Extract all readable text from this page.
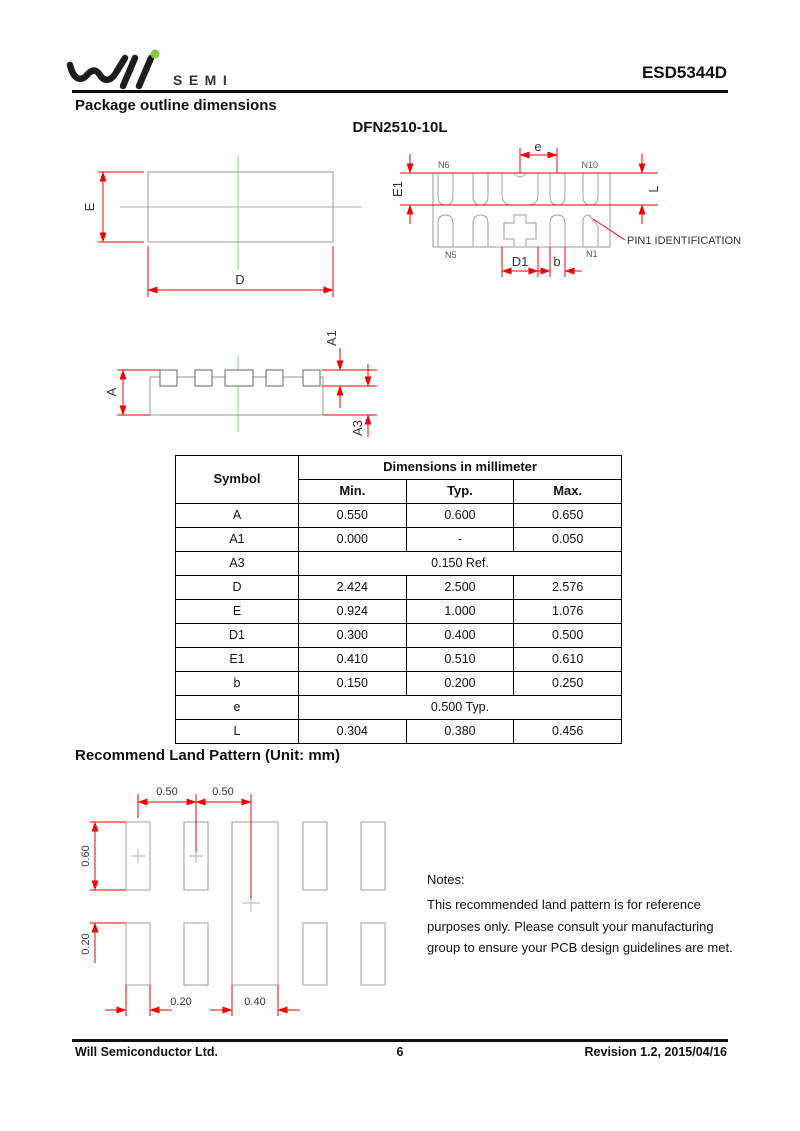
SEMI	ESD5344D
Package outline dimensions
DFN2510-10L
E
D
E1	L
e
D1 b
N6	N10
N5	N1
PIN1 IDENTIFICATION
A
A1
A3
Symbol	Dimensions in millimeter		
	Min.	Typ.	Max.
A	0.550	0.600	0.650
A1	0.000	-	0.050
A3	0.150 Ref.		
D	2.424	2.500	2.576
E	0.924	1.000	1.076
D1	0.300	0.400	0.500
E1	0.410	0.510	0.610
b	0.150	0.200	0.250
e	0.500 Typ.		
L	0.304	0.380	0.456
Recommend Land Pattern (Unit: mm)
0.50	0.50
0.60
0.20
0.20	0.40
Notes:
This recommended land pattern is for reference
purposes only. Please consult your manufacturing
group to ensure your PCB design guidelines are met.
Will Semiconductor Ltd.	6	Revision 1.2, 2015/04/16
